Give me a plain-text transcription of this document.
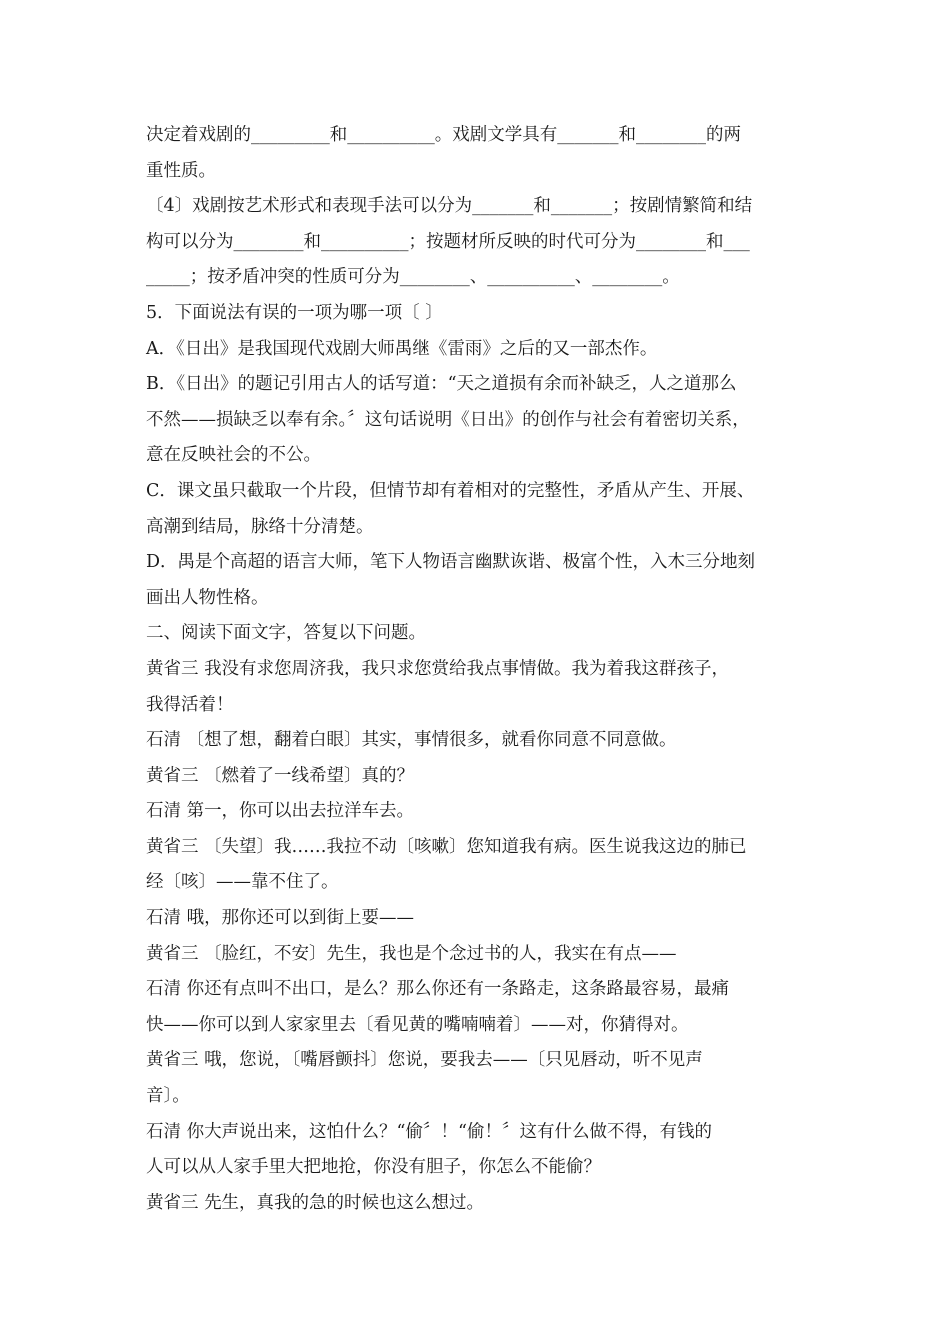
决定着戏剧的_________和__________。戏剧文学具有_______和________的两
重性质。
〔4〕戏剧按艺术形式和表现手法可以分为_______和_______；按剧情繁简和结
构可以分为________和__________；按题材所反映的时代可分为________和___
_____；按矛盾冲突的性质可分为________、__________、________。
5．下面说法有误的一项为哪一项〔 〕
A．《日出》是我国现代戏剧大师禺继《雷雨》之后的又一部杰作。
B．《日出》的题记引用古人的话写道：“天之道损有余而补缺乏，人之道那么
不然——损缺乏以奉有余。〞这句话说明《日出》的创作与社会有着密切关系，
意在反映社会的不公。
C．课文虽只截取一个片段，但情节却有着相对的完整性，矛盾从产生、开展、
高潮到结局，脉络十分清楚。
D．禺是个高超的语言大师，笔下人物语言幽默诙谐、极富个性，入木三分地刻
画出人物性格。
二、阅读下面文字，答复以下问题。
黄省三 我没有求您周济我，我只求您赏给我点事情做。我为着我这群孩子，
我得活着！
石清 〔想了想，翻着白眼〕其实，事情很多，就看你同意不同意做。
黄省三 〔燃着了一线希望〕真的？
石清 第一，你可以出去拉洋车去。
黄省三 〔失望〕我……我拉不动〔咳嗽〕您知道我有病。医生说我这边的肺已
经〔咳〕——靠不住了。
石清 哦，那你还可以到街上要——
黄省三 〔脸红，不安〕先生，我也是个念过书的人，我实在有点——
石清 你还有点叫不出口，是么？那么你还有一条路走，这条路最容易，最痛
快——你可以到人家家里去〔看见黄的嘴喃喃着〕——对，你猜得对。
黄省三 哦，您说，〔嘴唇颤抖〕您说，要我去——〔只见唇动，听不见声
音〕。
石清 你大声说出来，这怕什么？“偷〞！“偷！〞这有什么做不得，有钱的
人可以从人家手里大把地抢，你没有胆子，你怎么不能偷？
黄省三 先生，真我的急的时候也这么想过。
